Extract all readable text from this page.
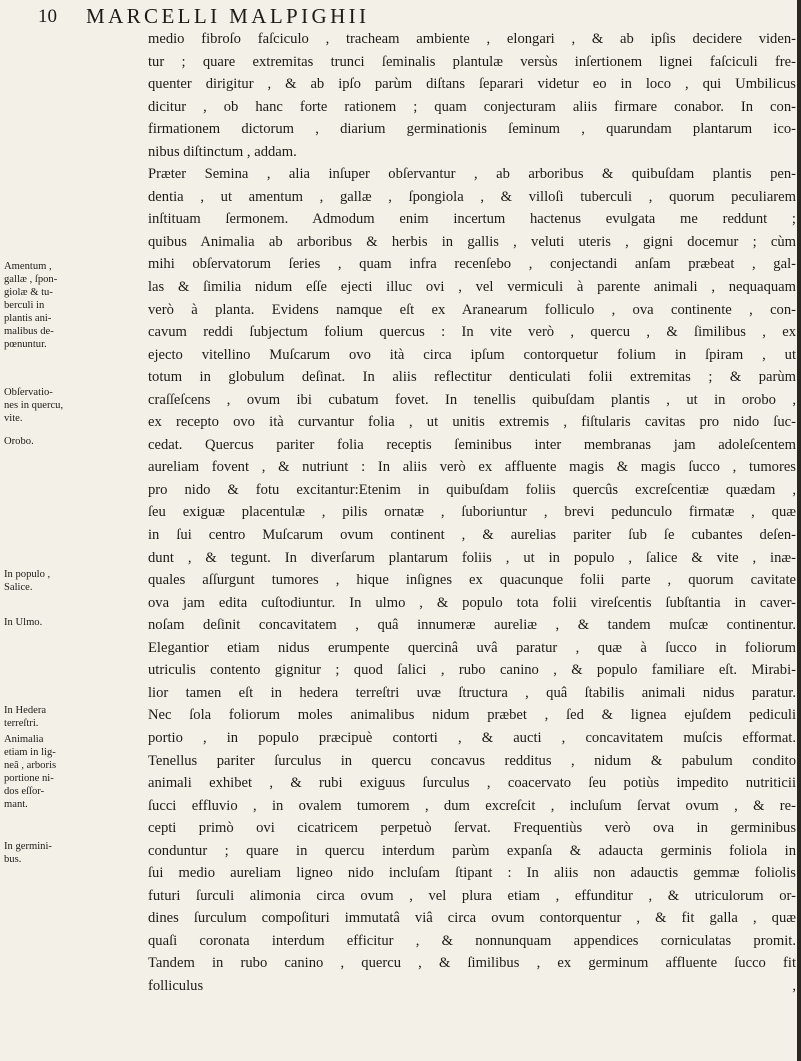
10 MARCELLI MALPIGHII
medio fibroſo faſciculo , tracheam ambiente , elongari , & ab ipſis decidere viden-
tur ; quare extremitas trunci ſeminalis plantulæ versùs inſertionem lignei faſciculi fre-
quenter dirigitur , & ab ipſo parùm diſtans ſeparari videtur eo in loco , qui Umbilicus
dicitur , ob hanc forte rationem ; quam conjecturam aliis firmare conabor. In con-
firmationem dictorum , diarium germinationis ſeminum , quarundam plantarum ico-
nibus diſtinctum , addam.
Præter Semina , alia inſuper obſervantur , ab arboribus & quibuſdam plantis pen-
dentia , ut amentum , gallæ , ſpongiola , & villoſi tuberculi , quorum peculiarem
inſtituam ſermonem. Admodum enim incertum hactenus evulgata me reddunt ;
quibus Animalia ab arboribus & herbis in gallis , veluti uteris , gigni docemur ; cùm
mihi obſervatorum ſeries , quam infra recenſebo , conjectandi anſam præbeat , gal-
las & ſimilia nidum eſſe ejecti illuc ovi , vel vermiculi à parente animali , nequaquam
verò à planta. Evidens namque eſt ex Aranearum folliculo , ova continente , con-
cavum reddi ſubjectum folium quercus : In vite verò , quercu , & ſimilibus , ex
ejecto vitellino Muſcarum ovo ità circa ipſum contorquetur folium in ſpiram , ut
totum in globulum deſinat. In aliis reflectitur denticulati folii extremitas ; & parùm
craſſeſcens , ovum ibi cubatum fovet. In tenellis quibuſdam plantis , ut in orobo ,
ex recepto ovo ità curvantur folia , ut unitis extremis , fiſtularis cavitas pro nido ſuc-
cedat. Quercus pariter folia receptis ſeminibus inter membranas jam adoleſcentem
aureliam fovent , & nutriunt : In aliis verò ex affluente magis & magis ſucco , tumores
pro nido & fotu excitantur:Etenim in quibuſdam foliis quercûs excreſcentiæ quædam ,
ſeu exiguæ placentulæ , pilis ornatæ , ſuboriuntur , brevi pedunculo firmatæ , quæ
in ſui centro Muſcarum ovum continent , & aurelias pariter ſub ſe cubantes deſen-
dunt , & tegunt. In diverſarum plantarum foliis , ut in populo , ſalice & vite , inæ-
quales aſſurgunt tumores , hique inſignes ex quacunque folii parte , quorum cavitate
ova jam edita cuſtodiuntur. In ulmo , & populo tota folii vireſcentis ſubſtantia in caver-
noſam deſinit concavitatem , quâ innumeræ aureliæ , & tandem muſcæ continentur.
Elegantior etiam nidus erumpente quercinâ uvâ paratur , quæ à ſucco in foliorum
utriculis contento gignitur ; quod ſalici , rubo canino , & populo familiare eſt. Mirabi-
lior tamen eſt in hedera terreſtri uvæ ſtructura , quâ ſtabilis animali nidus paratur.
Nec ſola foliorum moles animalibus nidum præbet , ſed & lignea ejuſdem pediculi
portio , in populo præcipuè contorti , & aucti , concavitatem muſcis efformat.
Tenellus pariter ſurculus in quercu concavus redditus , nidum & pabulum condito
animali exhibet , & rubi exiguus ſurculus , coacervato ſeu potiùs impedito nutriticii
ſucci effluvio , in ovalem tumorem , dum excreſcit , incluſum ſervat ovum , & re-
cepti primò ovi cicatricem perpetuò ſervat. Frequentiùs verò ova in germinibus
conduntur ; quare in quercu interdum parùm expanſa & adaucta germinis foliola in
ſui medio aureliam ligneo nido incluſam ſtipant : In aliis non adauctis gemmæ foliolis
futuri ſurculi alimonia circa ovum , vel plura etiam , effunditur , & utriculorum or-
dines ſurculum compoſituri immutatâ viâ circa ovum contorquentur , & fit galla , quæ
quaſi coronata interdum efficitur , & nonnunquam appendices corniculatas promit.
Tandem in rubo canino , quercu , & ſimilibus , ex germinum affluente ſucco fit
folliculus ,
Amentum ,
gallæ , ſpon-
giolæ & tu-
berculi in
plantis ani-
malibus de-
pœnuntur.
Obſervatio-
nes in quercu,
vite.
Orobo.
In populo ,
Salice.
In Ulmo.
In Hedera
terreſtri.
Animalia
etiam in lig-
neâ , arboris
portione ni-
dos eſſor-
mant.
In germini-
bus.
